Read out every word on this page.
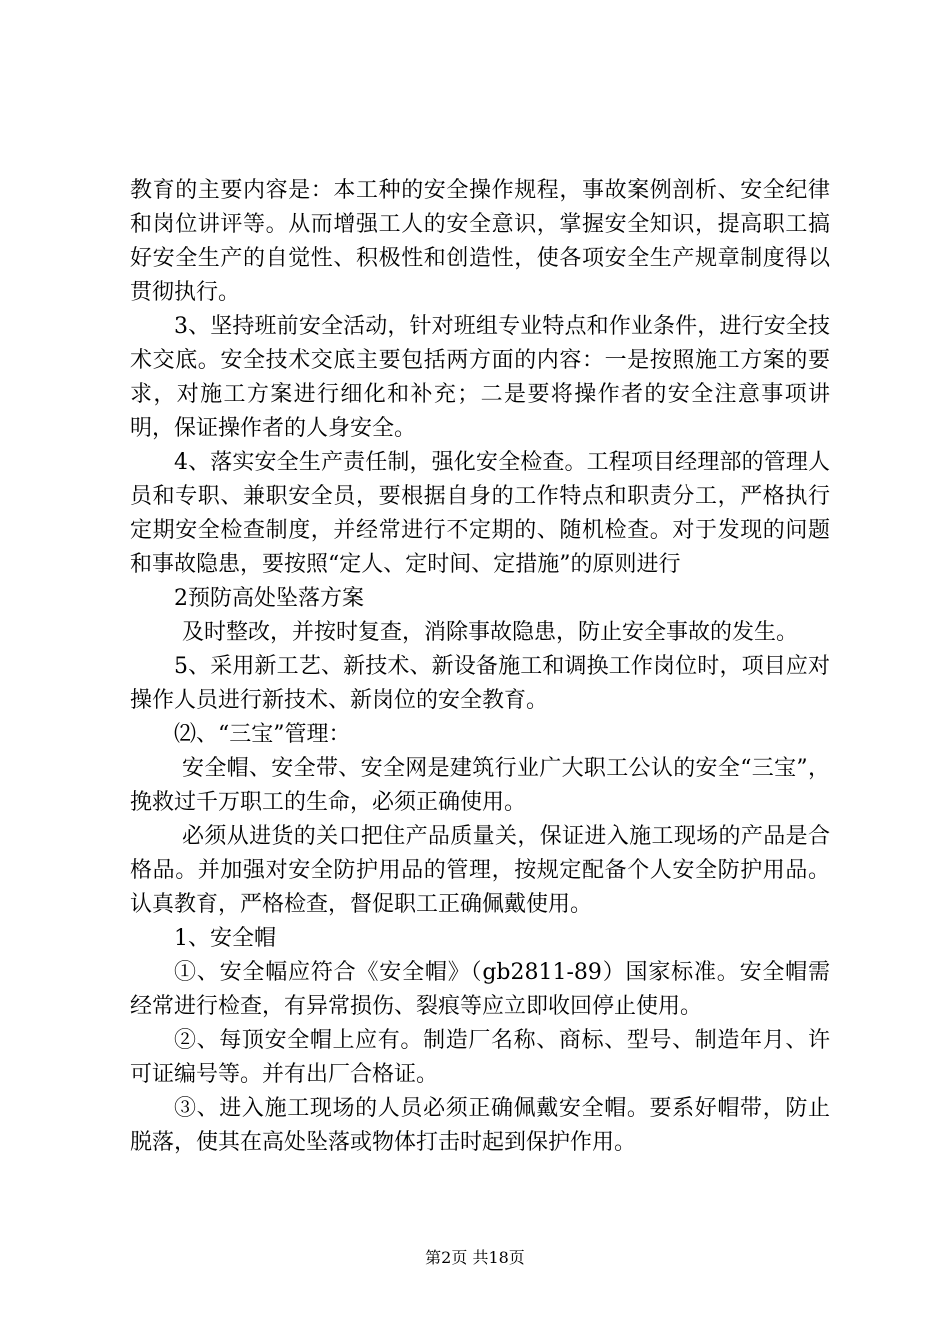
教育的主要内容是：本工种的安全操作规程，事故案例剖析、安全纪律和岗位讲评等。从而增强工人的安全意识，掌握安全知识，提高职工搞好安全生产的自觉性、积极性和创造性，使各项安全生产规章制度得以贯彻执行。

3、坚持班前安全活动，针对班组专业特点和作业条件，进行安全技术交底。安全技术交底主要包括两方面的内容：一是按照施工方案的要求，对施工方案进行细化和补充；二是要将操作者的安全注意事项讲明，保证操作者的人身安全。

4、落实安全生产责任制，强化安全检查。工程项目经理部的管理人员和专职、兼职安全员，要根据自身的工作特点和职责分工，严格执行定期安全检查制度，并经常进行不定期的、随机检查。对于发现的问题和事故隐患，要按照“定人、定时间、定措施”的原则进行

2预防高处坠落方案

及时整改，并按时复查，消除事故隐患，防止安全事故的发生。

5、采用新工艺、新技术、新设备施工和调换工作岗位时，项目应对操作人员进行新技术、新岗位的安全教育。

⑵、“三宝”管理：

安全帽、安全带、安全网是建筑行业广大职工公认的安全“三宝”，挽救过千万职工的生命，必须正确使用。

必须从进货的关口把住产品质量关，保证进入施工现场的产品是合格品。并加强对安全防护用品的管理，按规定配备个人安全防护用品。认真教育，严格检查，督促职工正确佩戴使用。

1、安全帽

①、安全幅应符合《安全帽》（gb2811-89）国家标准。安全帽需经常进行检查，有异常损伤、裂痕等应立即收回停止使用。

②、每顶安全帽上应有。制造厂名称、商标、型号、制造年月、许可证编号等。并有出厂合格证。

③、进入施工现场的人员必须正确佩戴安全帽。要系好帽带，防止脱落，使其在高处坠落或物体打击时起到保护作用。

第2页 共18页
